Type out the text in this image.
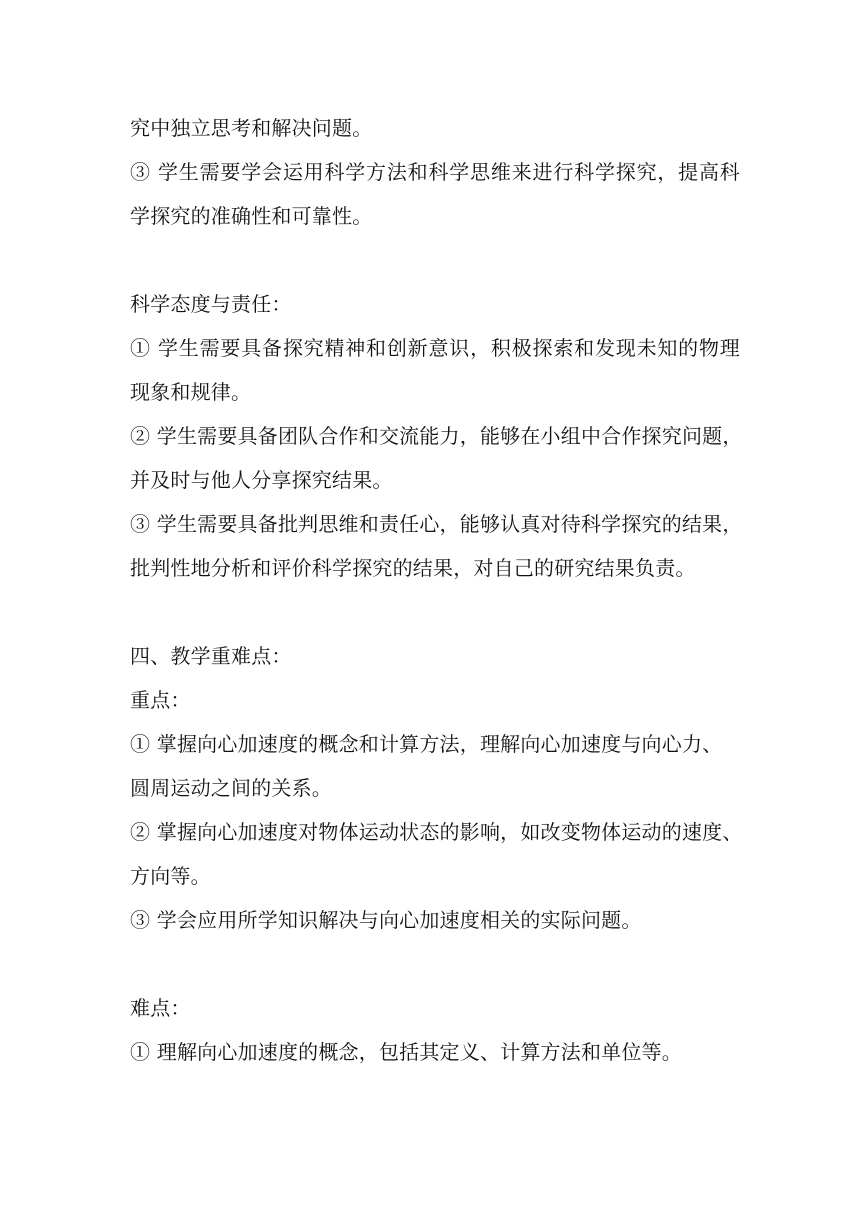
究中独立思考和解决问题。
③ 学生需要学会运用科学方法和科学思维来进行科学探究，提高科
学探究的准确性和可靠性。
科学态度与责任：
① 学生需要具备探究精神和创新意识，积极探索和发现未知的物理
现象和规律。
② 学生需要具备团队合作和交流能力，能够在小组中合作探究问题，
并及时与他人分享探究结果。
③ 学生需要具备批判思维和责任心，能够认真对待科学探究的结果，
批判性地分析和评价科学探究的结果，对自己的研究结果负责。
四、教学重难点：
重点：
① 掌握向心加速度的概念和计算方法，理解向心加速度与向心力、
圆周运动之间的关系。
② 掌握向心加速度对物体运动状态的影响，如改变物体运动的速度、
方向等。
③ 学会应用所学知识解决与向心加速度相关的实际问题。
难点：
① 理解向心加速度的概念，包括其定义、计算方法和单位等。
